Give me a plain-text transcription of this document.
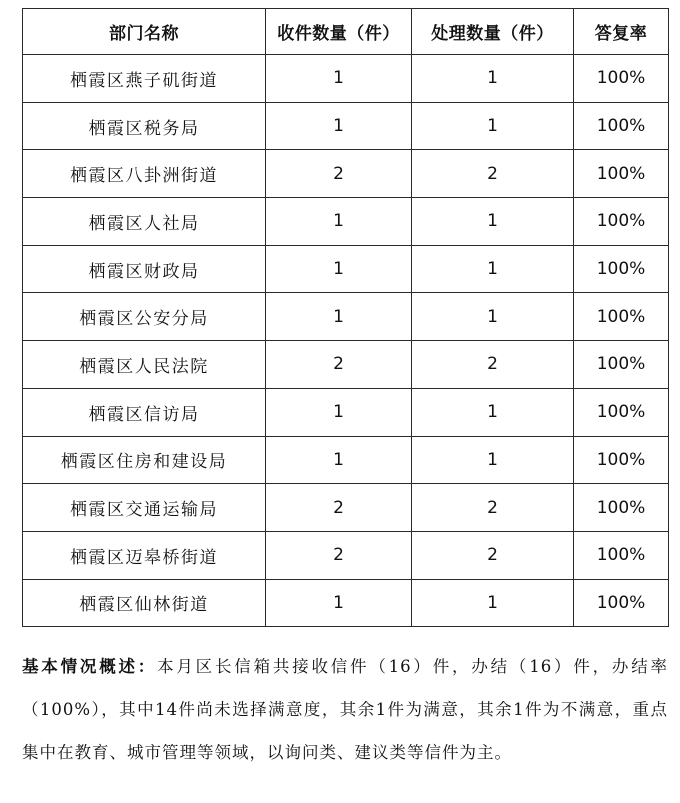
部门名称	收件数量（件）	处理数量（件）	答复率
栖霞区燕子矶街道	1	1	100%
栖霞区税务局	1	1	100%
栖霞区八卦洲街道	2	2	100%
栖霞区人社局	1	1	100%
栖霞区财政局	1	1	100%
栖霞区公安分局	1	1	100%
栖霞区人民法院	2	2	100%
栖霞区信访局	1	1	100%
栖霞区住房和建设局	1	1	100%
栖霞区交通运输局	2	2	100%
栖霞区迈皋桥街道	2	2	100%
栖霞区仙林街道	1	1	100%

基本情况概述：本月区长信箱共接收信件（16）件，办结（16）件，办结率（100%），其中14件尚未选择满意度，其余1件为满意，其余1件为不满意，重点集中在教育、城市管理等领域，以询问类、建议类等信件为主。
